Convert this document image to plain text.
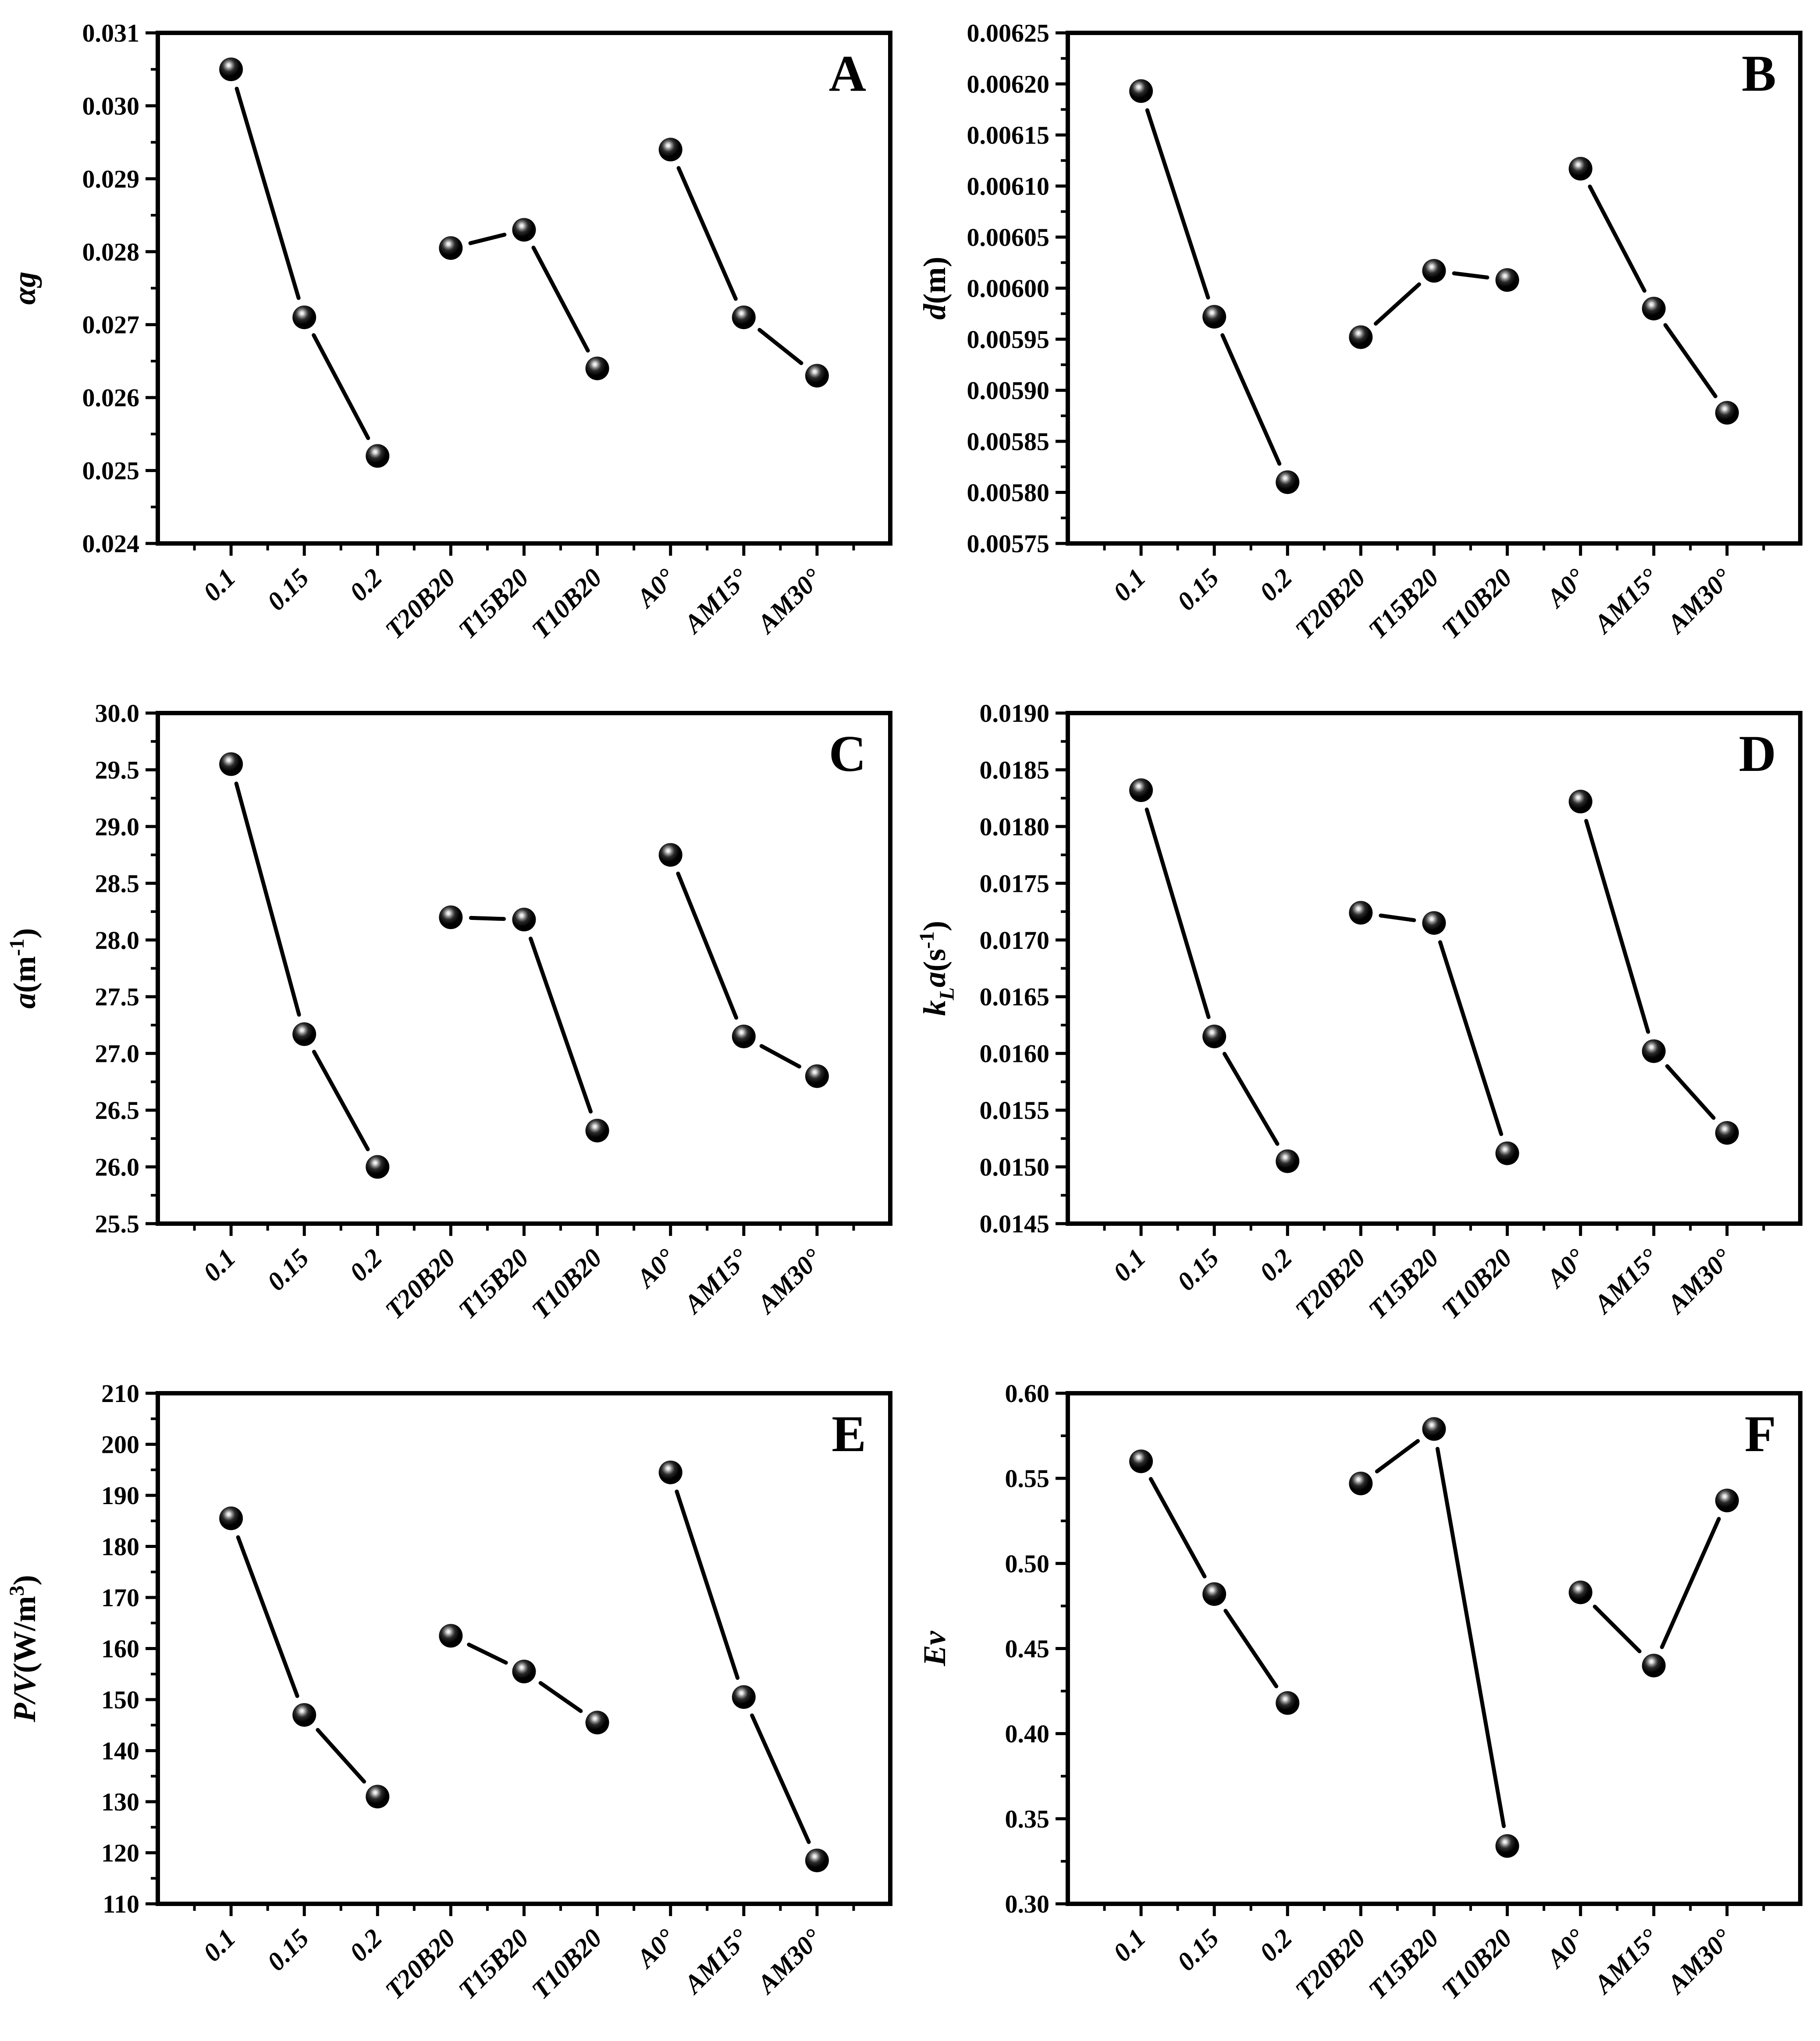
0.024
0.025
0.026
0.027
0.028
0.029
0.030
0.031
0.1 0.15 0.2
T20B20
T15B20
T10B20 A0°
AM15°
AM30°
A
αg
0.00575
0.00580
0.00585
0.00590
0.00595
0.00600
0.00605
0.00610
0.00615
0.00620
0.00625
0.1 0.15 0.2
T20B20
T15B20
T10B20 A0°
AM15°
AM30°
B
d(m)
25.5
26.0
26.5
27.0
27.5
28.0
28.5
29.0
29.5
30.0
0.1 0.15 0.2
T20B20
T15B20
T10B20 A0°
AM15°
AM30°
C
$a(m^{-1})$
0.0145
0.0150
0.0155
0.0160
0.0165
0.0170
0.0175
0.0180
0.0185
0.0190
0.1 0.15 0.2
T20B20
T15B20
T10B20 A0°
AM15°
AM30°
D
$k_La(s^{-1})$
110
120
130
140
150
160
170
180
190
200
210
0.1 0.15 0.2
T20B20
T15B20
T10B20 A0°
AM15°
AM30°
E
$P/V(W/m^3)$
0.30
0.35
0.40
0.45
0.50
0.55
0.60
0.1 0.15 0.2
T20B20
T15B20
T10B20 A0°
AM15°
AM30°
F
Ev
